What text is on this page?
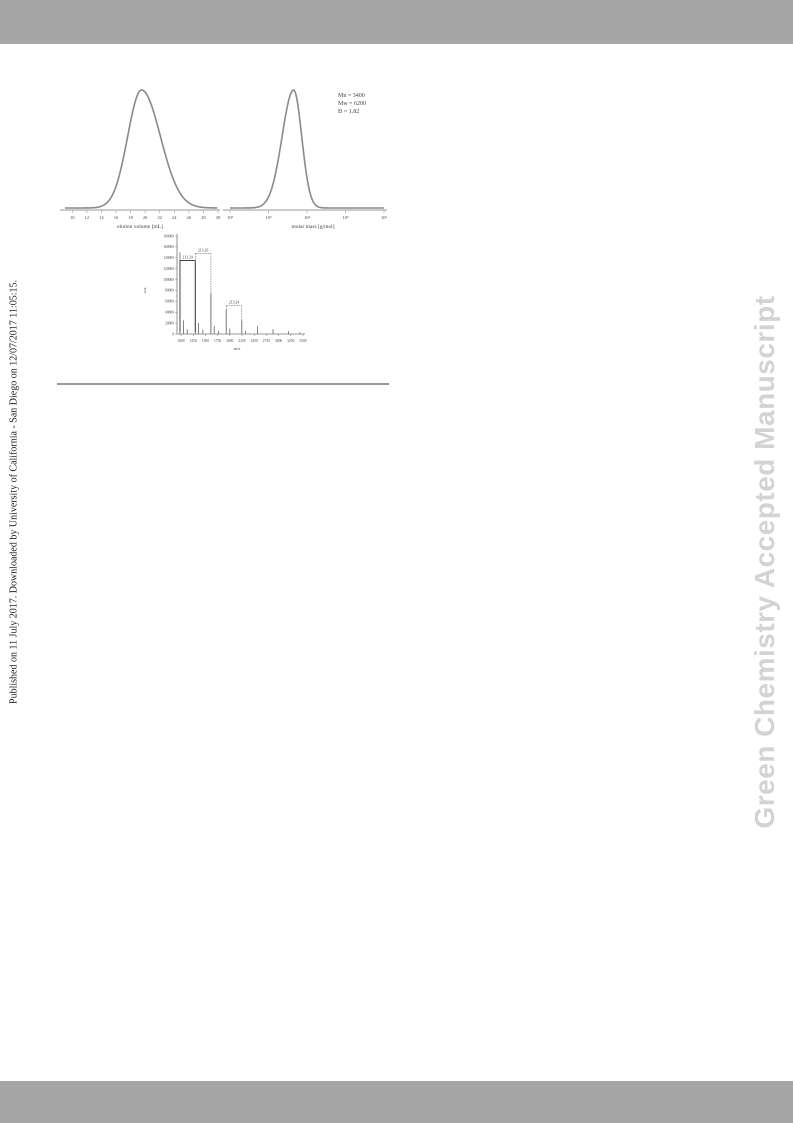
Published on 11 July 2017. Downloaded by University of California - San Diego on 12/07/2017 11:05:15.	Green Chemistry Accepted Manuscript
10 12 14 16 18 20 22 24 26 28 30
elution volume [mL]
10²	10³	10⁴	10⁵	10⁶
molar mass [g/mol]
Mn = 3400
Mw = 6200
Đ = 1.82
0
20000
40000
60000
80000
100000
120000
140000
160000
180000
1000 1250 1500 1750 2000 2250 2500 2750 3000 3250 3500
213.24
213.26
213.24
a.u.
m/z
